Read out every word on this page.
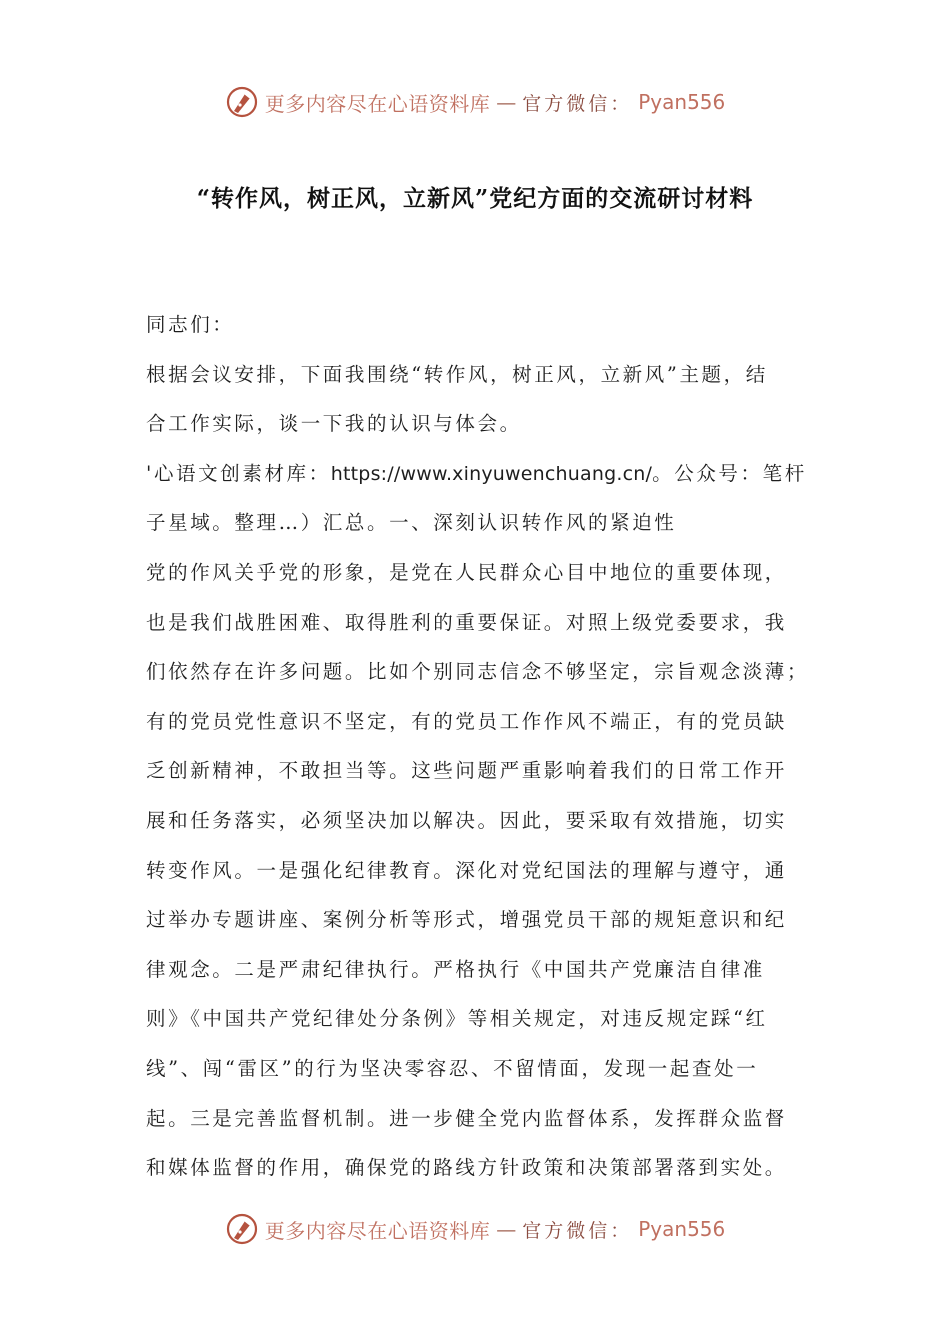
更多内容尽在心语资料库 — 官方微信： Pyan556
“转作风，树正风，立新风”党纪方面的交流研讨材料
同志们：
根据会议安排，下面我围绕“转作风，树正风，立新风”主题，结
合工作实际，谈一下我的认识与体会。
'心语文创素材库：https://www.xinyuwenchuang.cn/。公众号：笔杆
子星域。整理…）汇总。一、深刻认识转作风的紧迫性
党的作风关乎党的形象，是党在人民群众心目中地位的重要体现，
也是我们战胜困难、取得胜利的重要保证。对照上级党委要求，我
们依然存在许多问题。比如个别同志信念不够坚定，宗旨观念淡薄；
有的党员党性意识不坚定，有的党员工作作风不端正，有的党员缺
乏创新精神，不敢担当等。这些问题严重影响着我们的日常工作开
展和任务落实，必须坚决加以解决。因此，要采取有效措施，切实
转变作风。一是强化纪律教育。深化对党纪国法的理解与遵守，通
过举办专题讲座、案例分析等形式，增强党员干部的规矩意识和纪
律观念。二是严肃纪律执行。严格执行《中国共产党廉洁自律准
则》《中国共产党纪律处分条例》等相关规定，对违反规定踩“红
线”、闯“雷区”的行为坚决零容忍、不留情面，发现一起查处一
起。三是完善监督机制。进一步健全党内监督体系，发挥群众监督
和媒体监督的作用，确保党的路线方针政策和决策部署落到实处。
更多内容尽在心语资料库 — 官方微信： Pyan556
